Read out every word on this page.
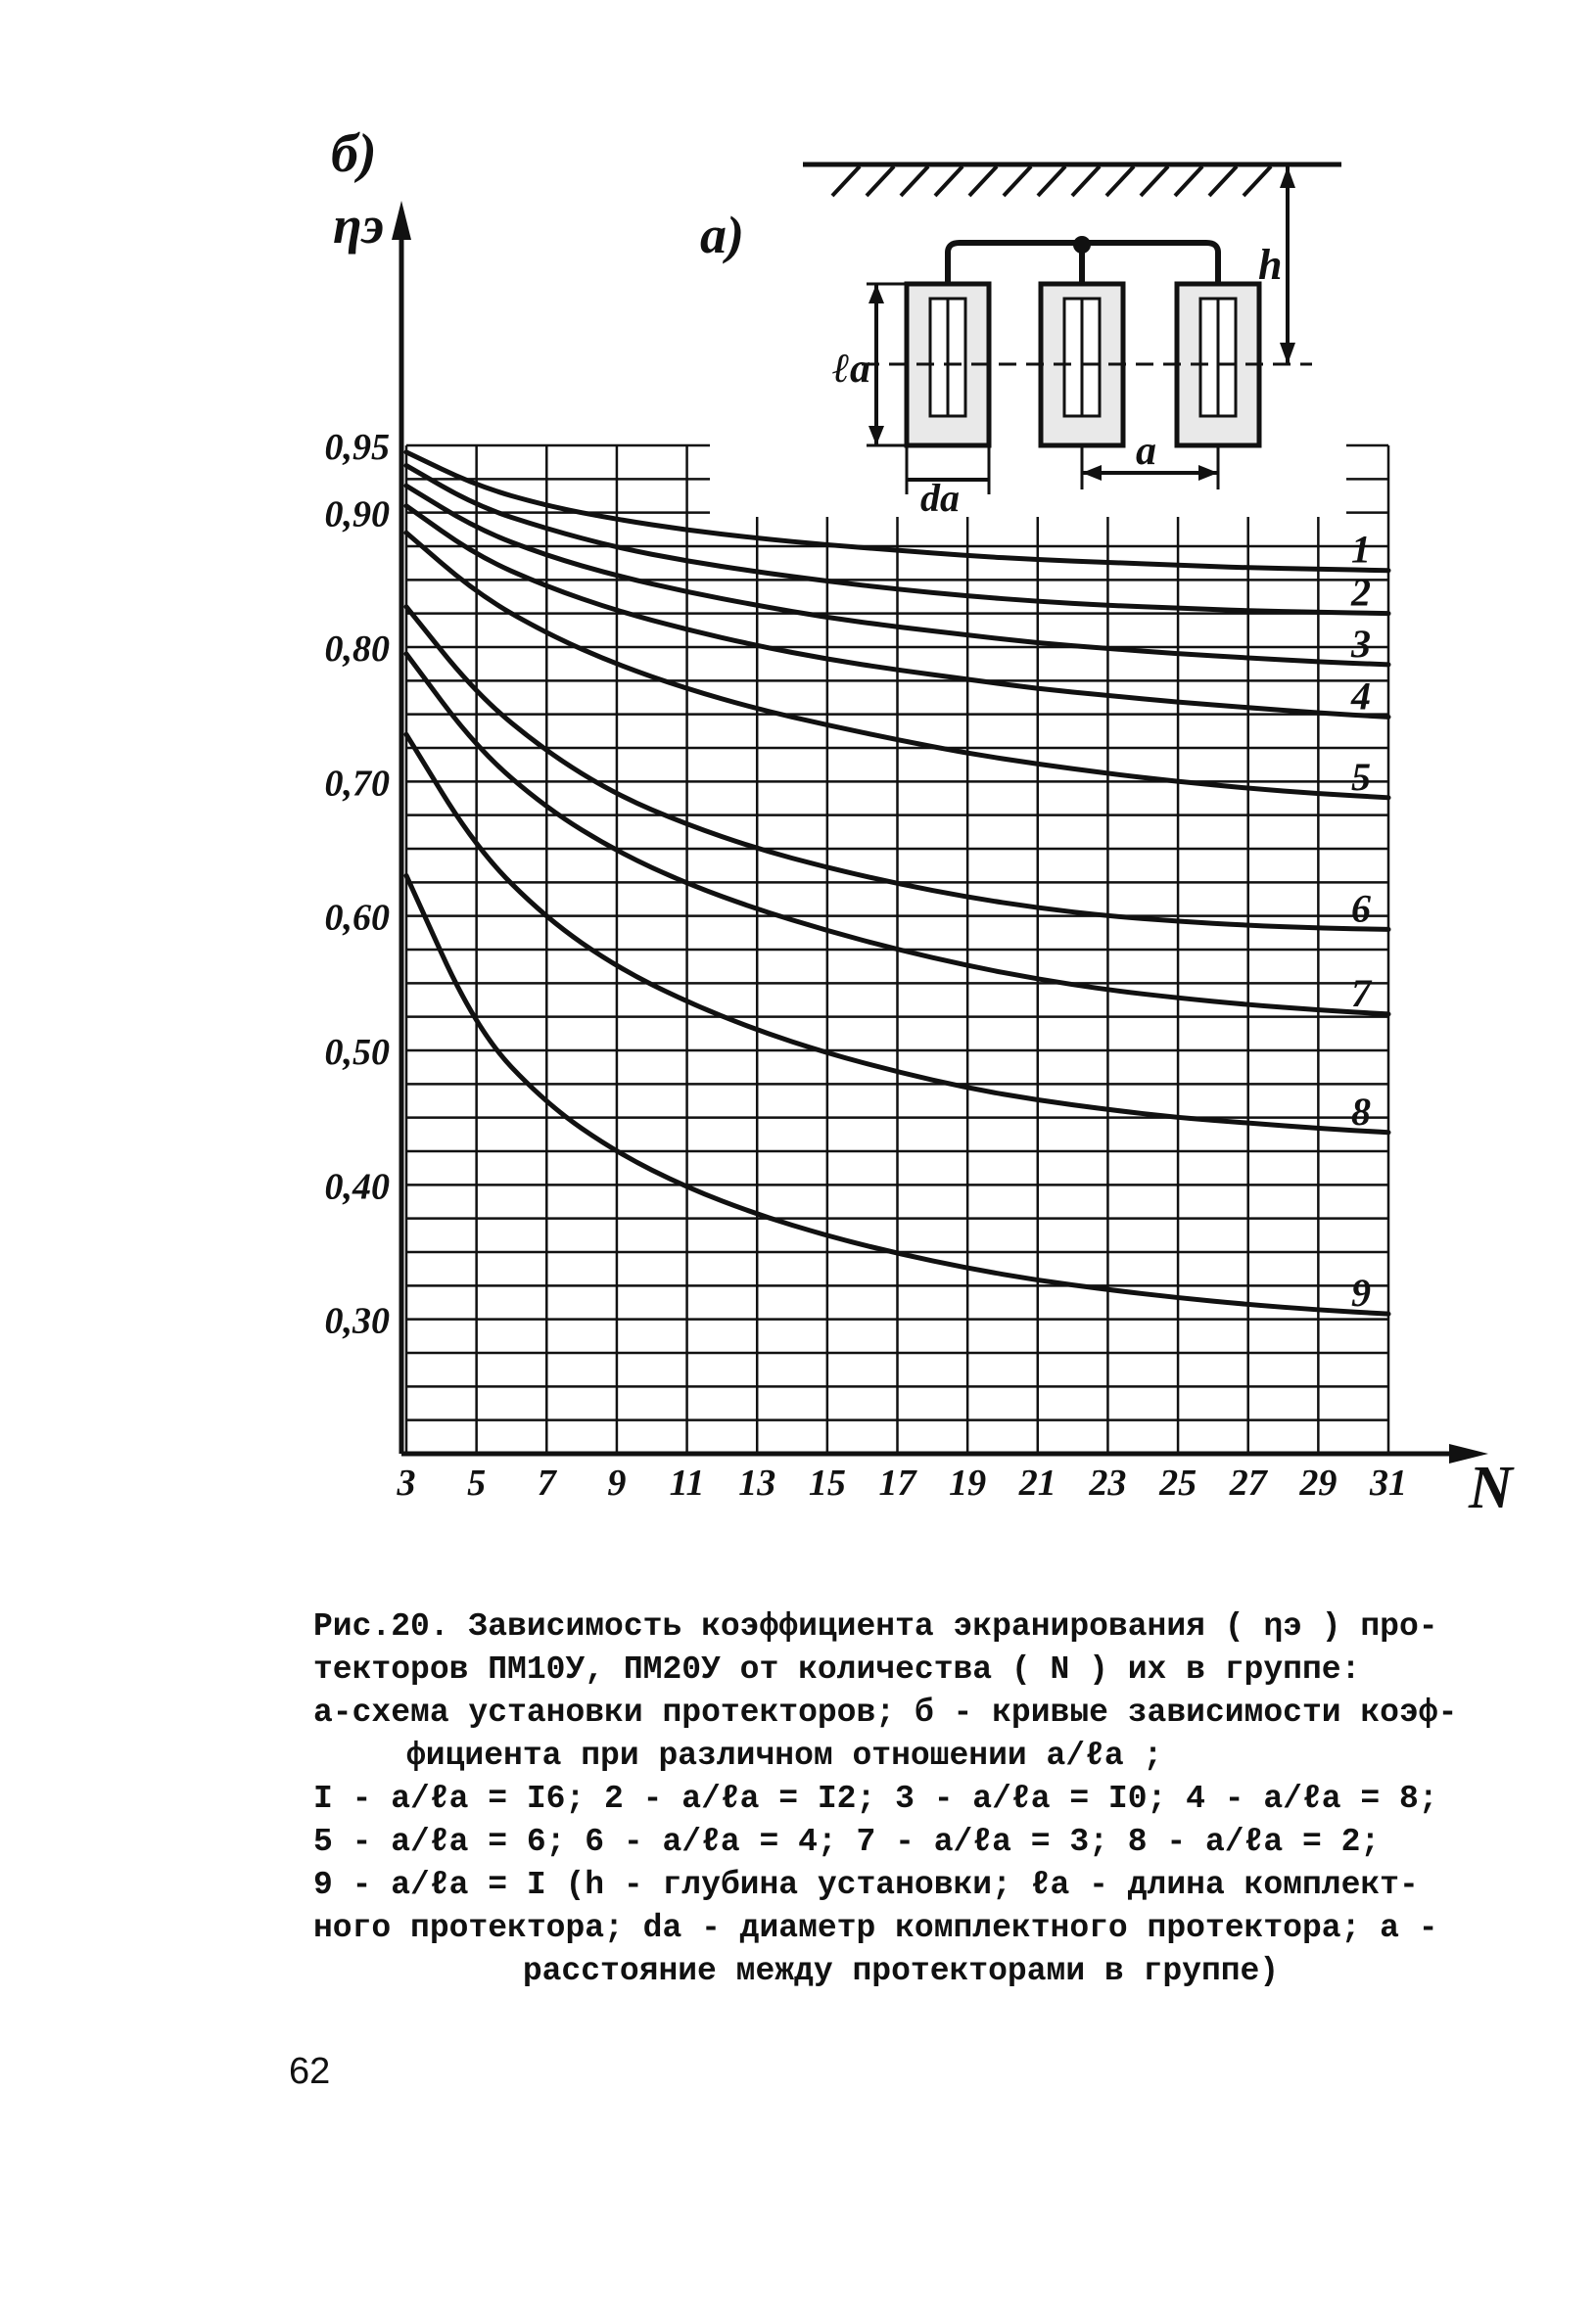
б)
ηэ
N
0,95
0,90
0,80
0,70
0,60
0,50
0,40
0,30
3 5 7 9 11 13 15 17 19 21 23 25 27 29 31
1
2
3
4
5
6
7
8
9
а)
h
ℓа
dа
а
Рис.20. Зависимость коэффициента экранирования ( ηэ ) про-
текторов ПМ10У, ПМ20У от количества ( N ) их в группе:
а-схема установки протекторов; б - кривые зависимости коэф-
фициента при различном отношении a/ℓa ;
I - a/ℓa = I6; 2 - a/ℓa = I2; 3 - a/ℓa = I0; 4 - a/ℓa = 8;
5 - a/ℓa = 6; 6 - a/ℓa = 4; 7 - a/ℓa = 3; 8 - a/ℓa = 2;
9 - a/ℓa = I (h - глубина установки; ℓa - длина комплект-
ного протектора; da - диаметр комплектного протектора; a -
расстояние между протекторами в группе)
62
